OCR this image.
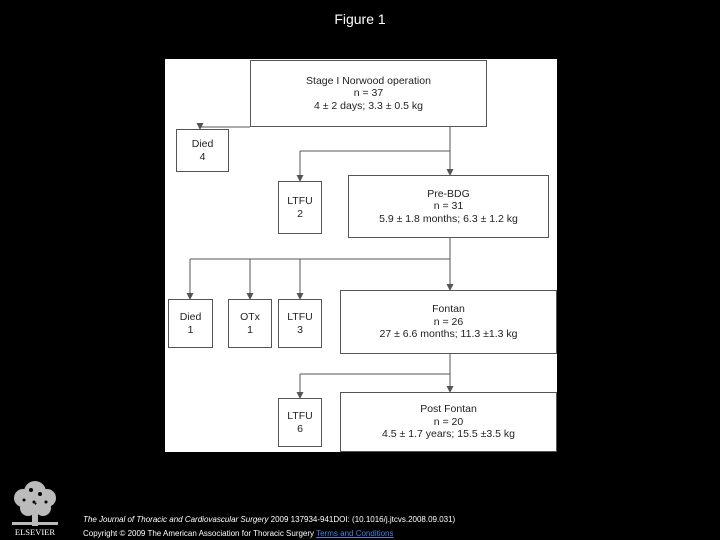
Figure 1
Stage I Norwood operation
n = 37
4 ± 2 days; 3.3 ± 0.5 kg
Died
4
LTFU
2
Pre-BDG
n = 31
5.9 ± 1.8 months; 6.3 ± 1.2 kg
Died
1
OTx
1
LTFU
3
Fontan
n = 26
27 ± 6.6 months; 11.3 ±1.3 kg
LTFU
6
Post Fontan
n = 20
4.5 ± 1.7 years; 15.5 ±3.5 kg
ELSEVIER
The Journal of Thoracic and Cardiovascular Surgery 2009 137934-941DOI: (10.1016/j.jtcvs.2008.09.031)
Copyright © 2009 The American Association for Thoracic Surgery Terms and Conditions
